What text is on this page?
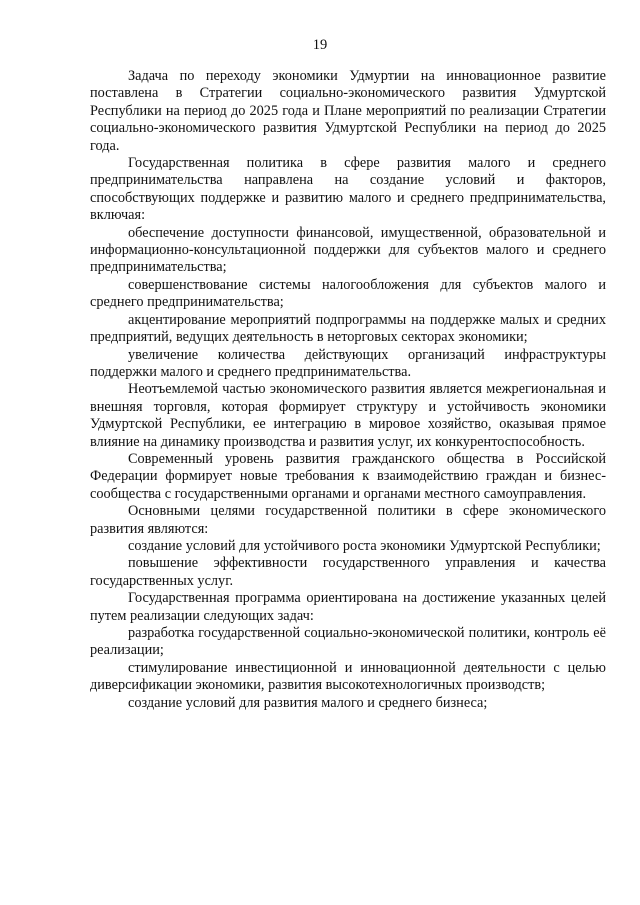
19

Задача по переходу экономики Удмуртии на инновационное развитие поставлена в Стратегии социально-экономического развития Удмуртской Республики на период до 2025 года и Плане мероприятий по реализации Стратегии социально-экономического развития Удмуртской Республики на период до 2025 года.

Государственная политика в сфере развития малого и среднего предпринимательства направлена на создание условий и факторов, способствующих поддержке и развитию малого и среднего предпринимательства, включая:

обеспечение доступности финансовой, имущественной, образовательной и информационно-консультационной поддержки для субъектов малого и среднего предпринимательства;

совершенствование системы налогообложения для субъектов малого и среднего предпринимательства;

акцентирование мероприятий подпрограммы на поддержке малых и средних предприятий, ведущих деятельность в неторговых секторах экономики;

увеличение количества действующих организаций инфраструктуры поддержки малого и среднего предпринимательства.

Неотъемлемой частью экономического развития является межрегиональная и внешняя торговля, которая формирует структуру и устойчивость экономики Удмуртской Республики, ее интеграцию в мировое хозяйство, оказывая прямое влияние на динамику производства и развития услуг, их конкурентоспособность.

Современный уровень развития гражданского общества в Российской Федерации формирует новые требования к взаимодействию граждан и бизнес-сообщества с государственными органами и органами местного самоуправления.

Основными целями государственной политики в сфере экономического развития являются:

создание условий для устойчивого роста экономики Удмуртской Республики;

повышение эффективности государственного управления и качества государственных услуг.

Государственная программа ориентирована на достижение указанных целей путем реализации следующих задач:

разработка государственной социально-экономической политики, контроль её реализации;

стимулирование инвестиционной и инновационной деятельности с целью диверсификации экономики, развития высокотехнологичных производств;

создание условий для развития малого и среднего бизнеса;
